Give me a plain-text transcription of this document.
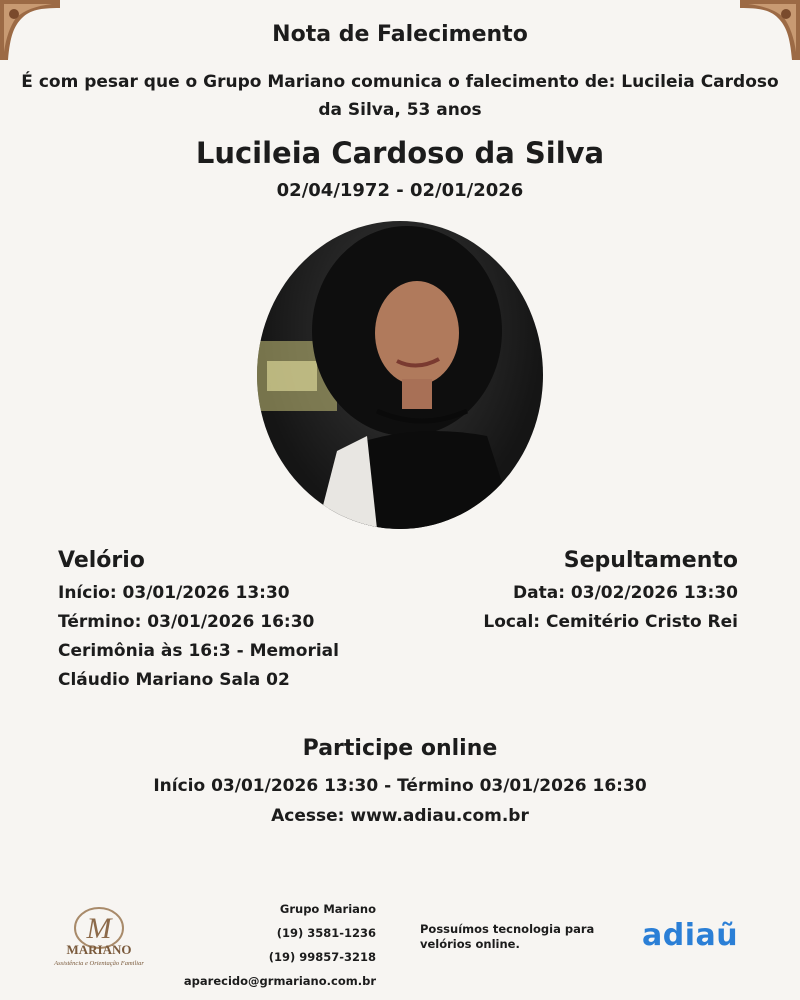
Nota de Falecimento
É com pesar que o Grupo Mariano comunica o falecimento de: Lucileia Cardoso da Silva, 53 anos
Lucileia Cardoso da Silva
02/04/1972 - 02/01/2026
Velório
Início: 03/01/2026 13:30
Término: 03/01/2026 16:30
Cerimônia às 16:3 - Memorial
Cláudio Mariano Sala 02
Sepultamento
Data: 03/02/2026 13:30
Local: Cemitério Cristo Rei
Participe online
Início 03/01/2026 13:30 - Término 03/01/2026 16:30
Acesse: www.adiau.com.br
M
MARIANO
Assistência e Orientação Familiar
Grupo Mariano
(19) 3581-1236
(19) 99857-3218
aparecido@grmariano.com.br
Possuímos tecnologia para velórios online.	adiaũ
